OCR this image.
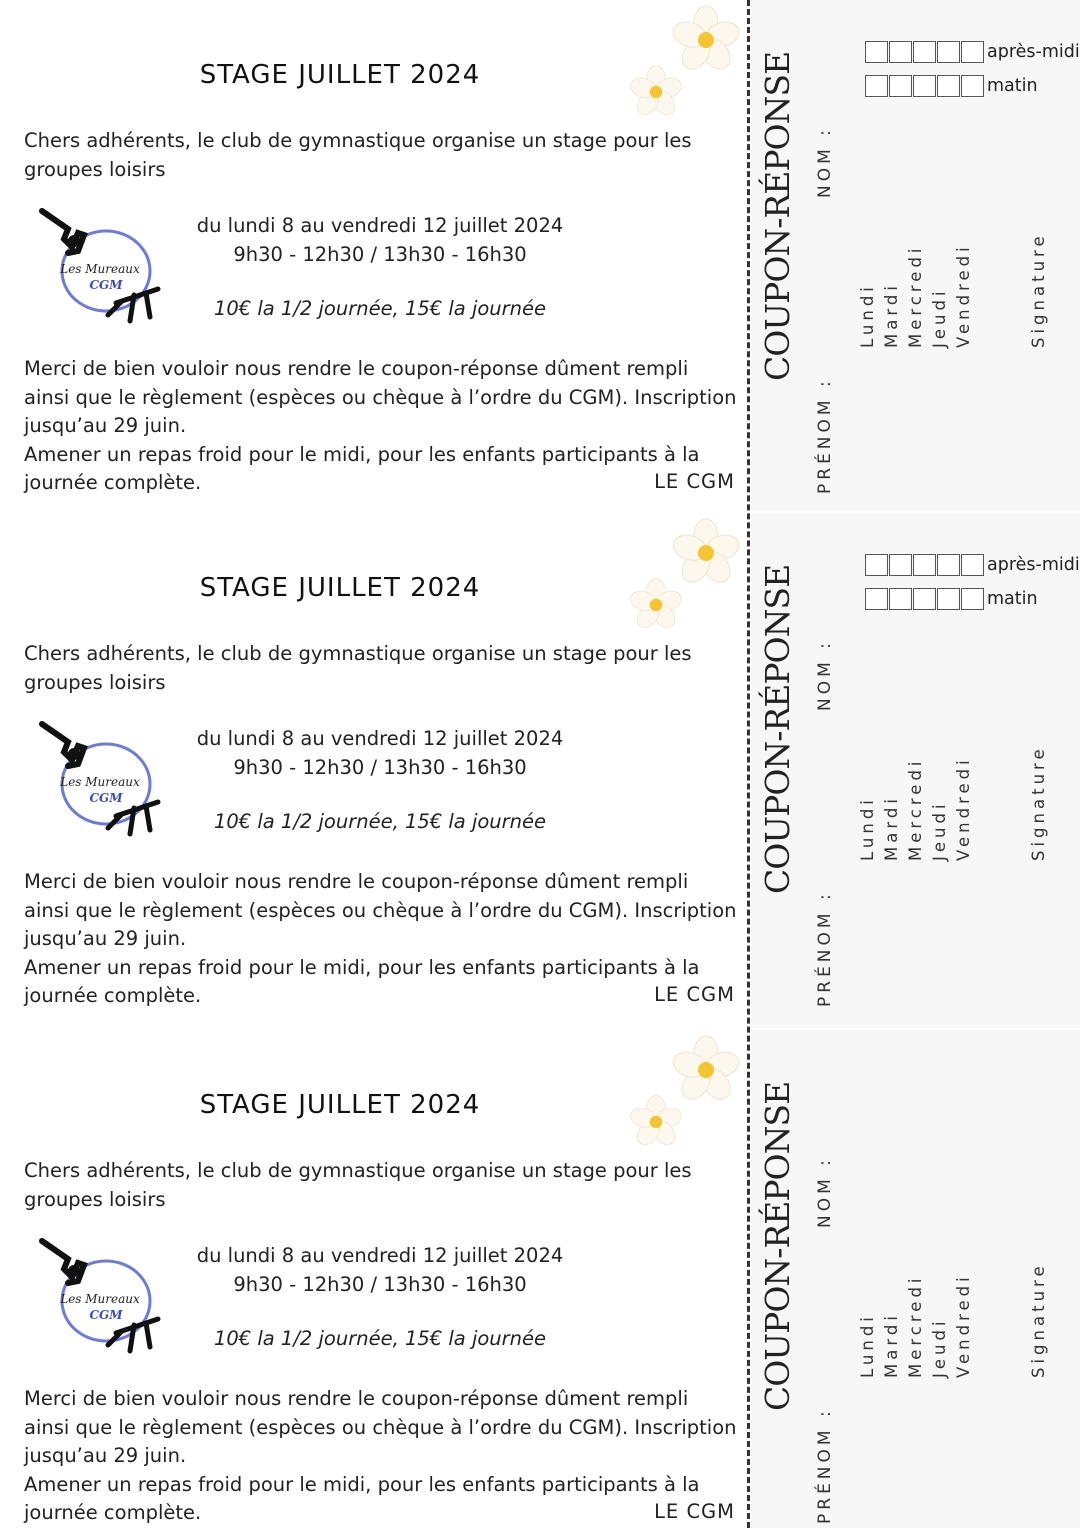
après-midi
matin
COUPON-RÉPONSE NOM :
PRÉNOM :
Lundi Mardi Mercredi Jeudi Vendredi	Signature
STAGE JUILLET 2024
Chers adhérents, le club de gymnastique organise un stage pour les groupes loisirs
Les Mureaux
CGM
du lundi 8 au vendredi 12 juillet 2024
9h30 - 12h30 / 13h30 - 16h30
10€ la 1/2 journée, 15€ la journée
Merci de bien vouloir nous rendre le coupon-réponse dûment rempli ainsi que le règlement (espèces ou chèque à l’ordre du CGM). Inscription jusqu’au 29 juin.
Amener un repas froid pour le midi, pour les enfants participants à la journée complète.	LE CGM
après-midi
matin
COUPON-RÉPONSE NOM :
PRÉNOM :
Lundi Mardi Mercredi Jeudi Vendredi	Signature
STAGE JUILLET 2024
Chers adhérents, le club de gymnastique organise un stage pour les groupes loisirs
Les Mureaux
CGM
du lundi 8 au vendredi 12 juillet 2024
9h30 - 12h30 / 13h30 - 16h30
10€ la 1/2 journée, 15€ la journée
Merci de bien vouloir nous rendre le coupon-réponse dûment rempli ainsi que le règlement (espèces ou chèque à l’ordre du CGM). Inscription jusqu’au 29 juin.
Amener un repas froid pour le midi, pour les enfants participants à la journée complète.	LE CGM
COUPON-RÉPONSE NOM :
PRÉNOM :
Lundi Mardi Mercredi Jeudi Vendredi	Signature
STAGE JUILLET 2024
Chers adhérents, le club de gymnastique organise un stage pour les groupes loisirs
Les Mureaux
CGM
du lundi 8 au vendredi 12 juillet 2024
9h30 - 12h30 / 13h30 - 16h30
10€ la 1/2 journée, 15€ la journée
Merci de bien vouloir nous rendre le coupon-réponse dûment rempli ainsi que le règlement (espèces ou chèque à l’ordre du CGM). Inscription jusqu’au 29 juin.
Amener un repas froid pour le midi, pour les enfants participants à la journée complète.	LE CGM
